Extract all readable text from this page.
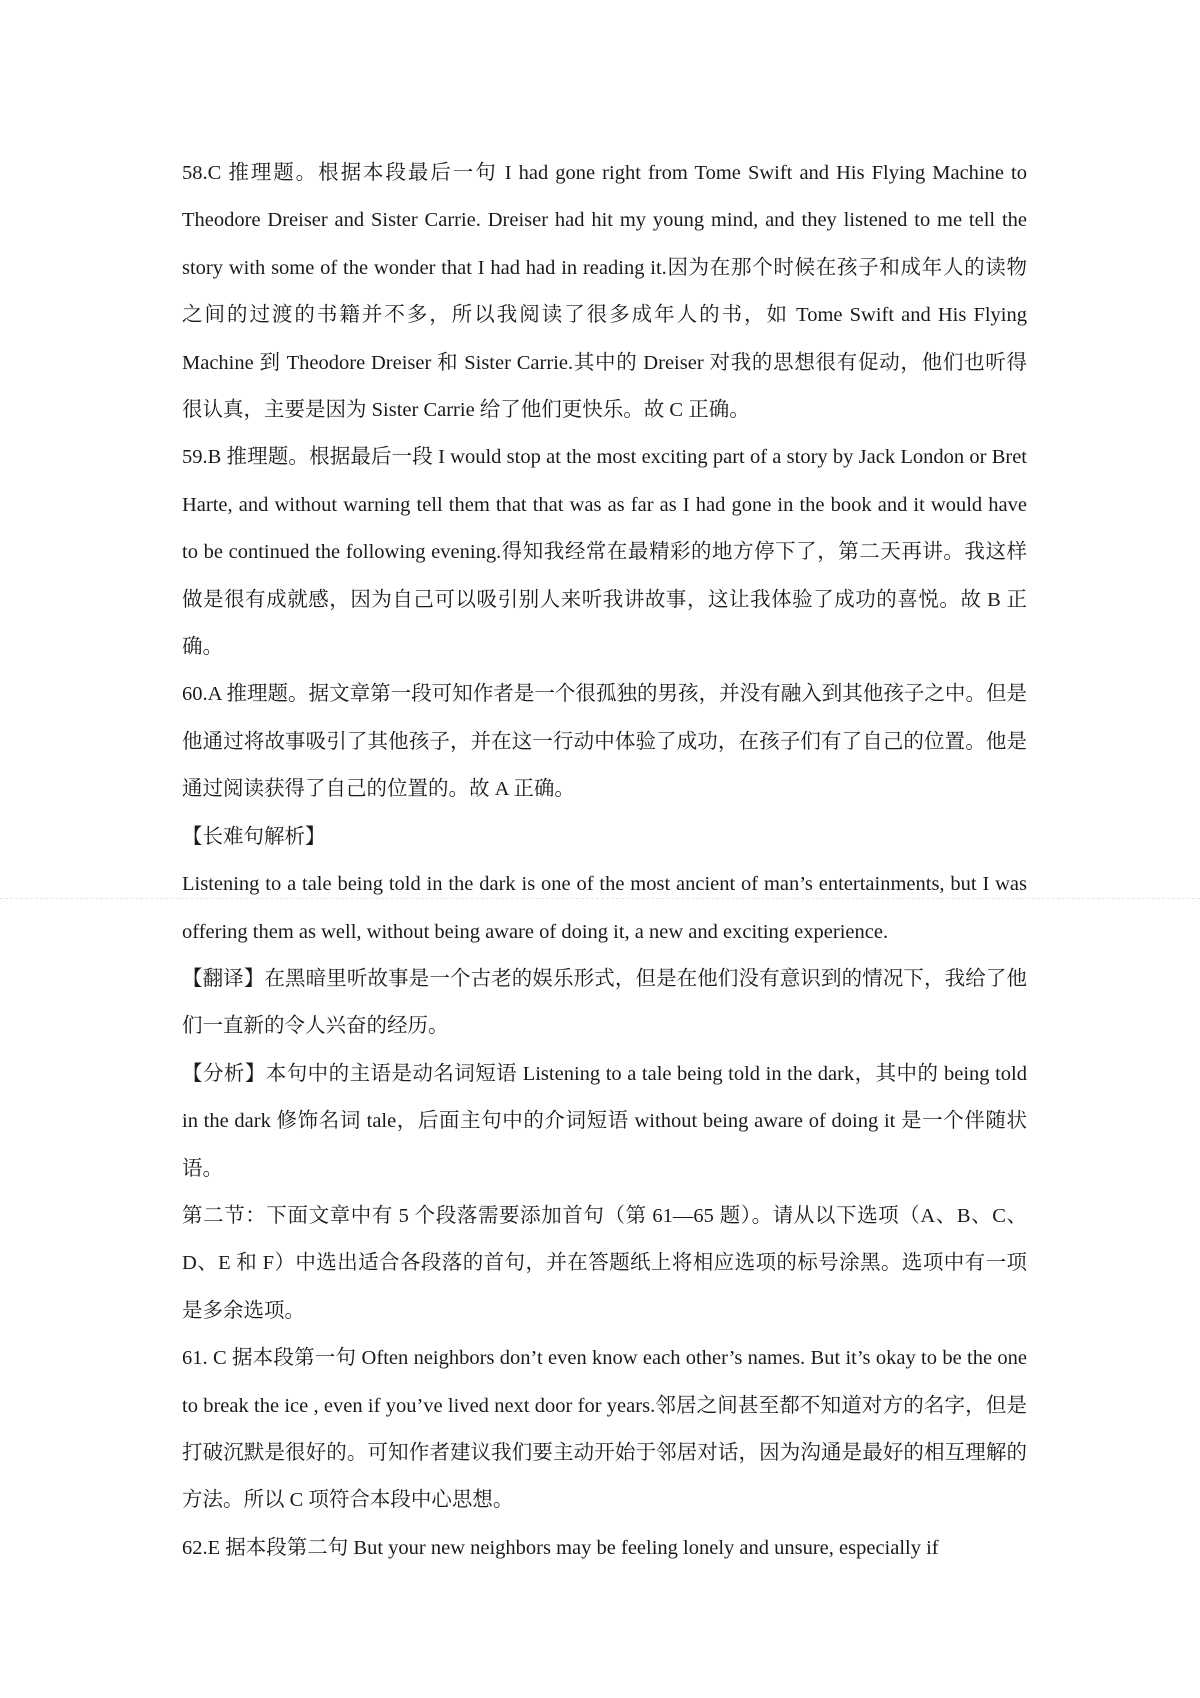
58.C 推理题。根据本段最后一句 I had gone right from Tome Swift and His Flying Machine to Theodore Dreiser and Sister Carrie. Dreiser had hit my young mind, and they listened to me tell the story with some of the wonder that I had had in reading it.因为在那个时候在孩子和成年人的读物之间的过渡的书籍并不多，所以我阅读了很多成年人的书，如 Tome Swift and His Flying Machine 到 Theodore Dreiser 和 Sister Carrie.其中的 Dreiser 对我的思想很有促动，他们也听得很认真，主要是因为 Sister Carrie 给了他们更快乐。故 C 正确。

59.B 推理题。根据最后一段 I would stop at the most exciting part of a story by Jack London or Bret Harte, and without warning tell them that that was as far as I had gone in the book and it would have to be continued the following evening.得知我经常在最精彩的地方停下了，第二天再讲。我这样做是很有成就感，因为自己可以吸引别人来听我讲故事，这让我体验了成功的喜悦。故 B 正确。

60.A 推理题。据文章第一段可知作者是一个很孤独的男孩，并没有融入到其他孩子之中。但是他通过将故事吸引了其他孩子，并在这一行动中体验了成功，在孩子们有了自己的位置。他是通过阅读获得了自己的位置的。故 A 正确。

【长难句解析】

Listening to a tale being told in the dark is one of the most ancient of man’s entertainments, but I was offering them as well, without being aware of doing it, a new and exciting experience.

【翻译】在黑暗里听故事是一个古老的娱乐形式，但是在他们没有意识到的情况下，我给了他们一直新的令人兴奋的经历。

【分析】本句中的主语是动名词短语 Listening to a tale being told in the dark，其中的 being told in the dark 修饰名词 tale，后面主句中的介词短语 without being aware of doing it 是一个伴随状语。

第二节：下面文章中有 5 个段落需要添加首句（第 61—65 题）。请从以下选项（A、B、C、D、E 和 F）中选出适合各段落的首句，并在答题纸上将相应选项的标号涂黑。选项中有一项是多余选项。

61. C 据本段第一句 Often neighbors don’t even know each other’s names. But it’s okay to be the one to break the ice , even if you’ve lived next door for years.邻居之间甚至都不知道对方的名字，但是打破沉默是很好的。可知作者建议我们要主动开始于邻居对话，因为沟通是最好的相互理解的方法。所以 C 项符合本段中心思想。

62.E 据本段第二句 But your new neighbors may be feeling lonely and unsure, especially if
